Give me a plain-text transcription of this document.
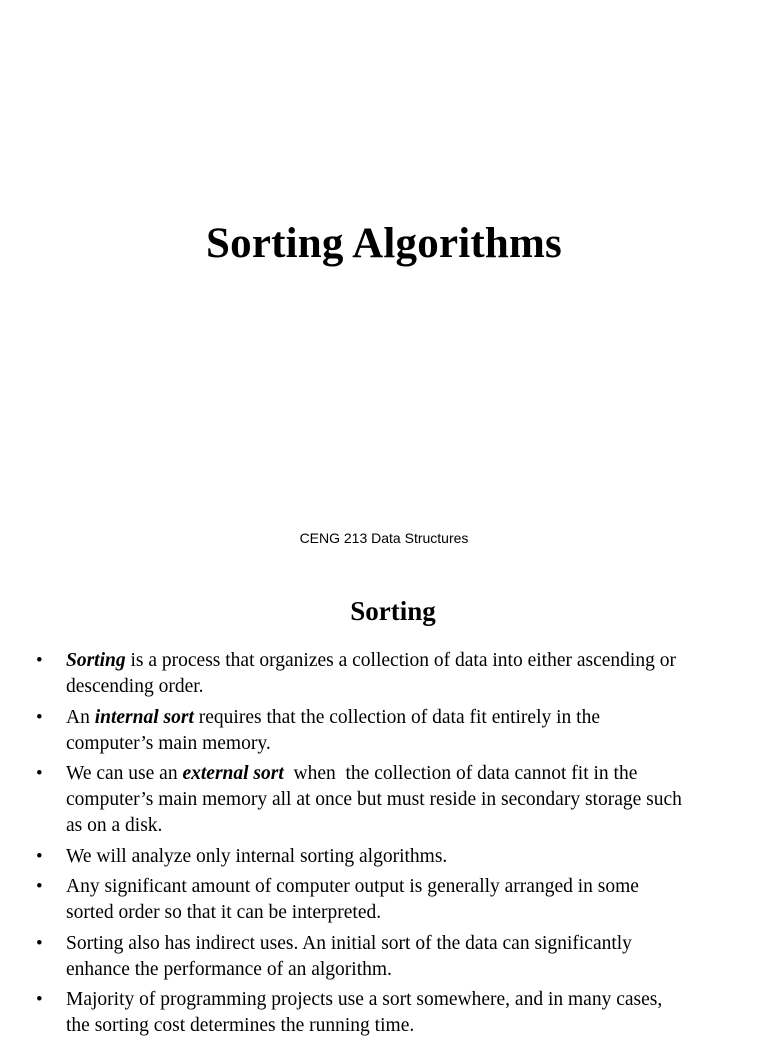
Sorting Algorithms
CENG 213 Data Structures
Sorting
• Sorting is a process that organizes a collection of data into either ascending or
descending order.
• An internal sort requires that the collection of data fit entirely in the
computer’s main memory.
• We can use an external sort  when  the collection of data cannot fit in the
computer’s main memory all at once but must reside in secondary storage such
as on a disk.
• We will analyze only internal sorting algorithms.
• Any significant amount of computer output is generally arranged in some
sorted order so that it can be interpreted.
• Sorting also has indirect uses. An initial sort of the data can significantly
enhance the performance of an algorithm.
• Majority of programming projects use a sort somewhere, and in many cases,
the sorting cost determines the running time.
